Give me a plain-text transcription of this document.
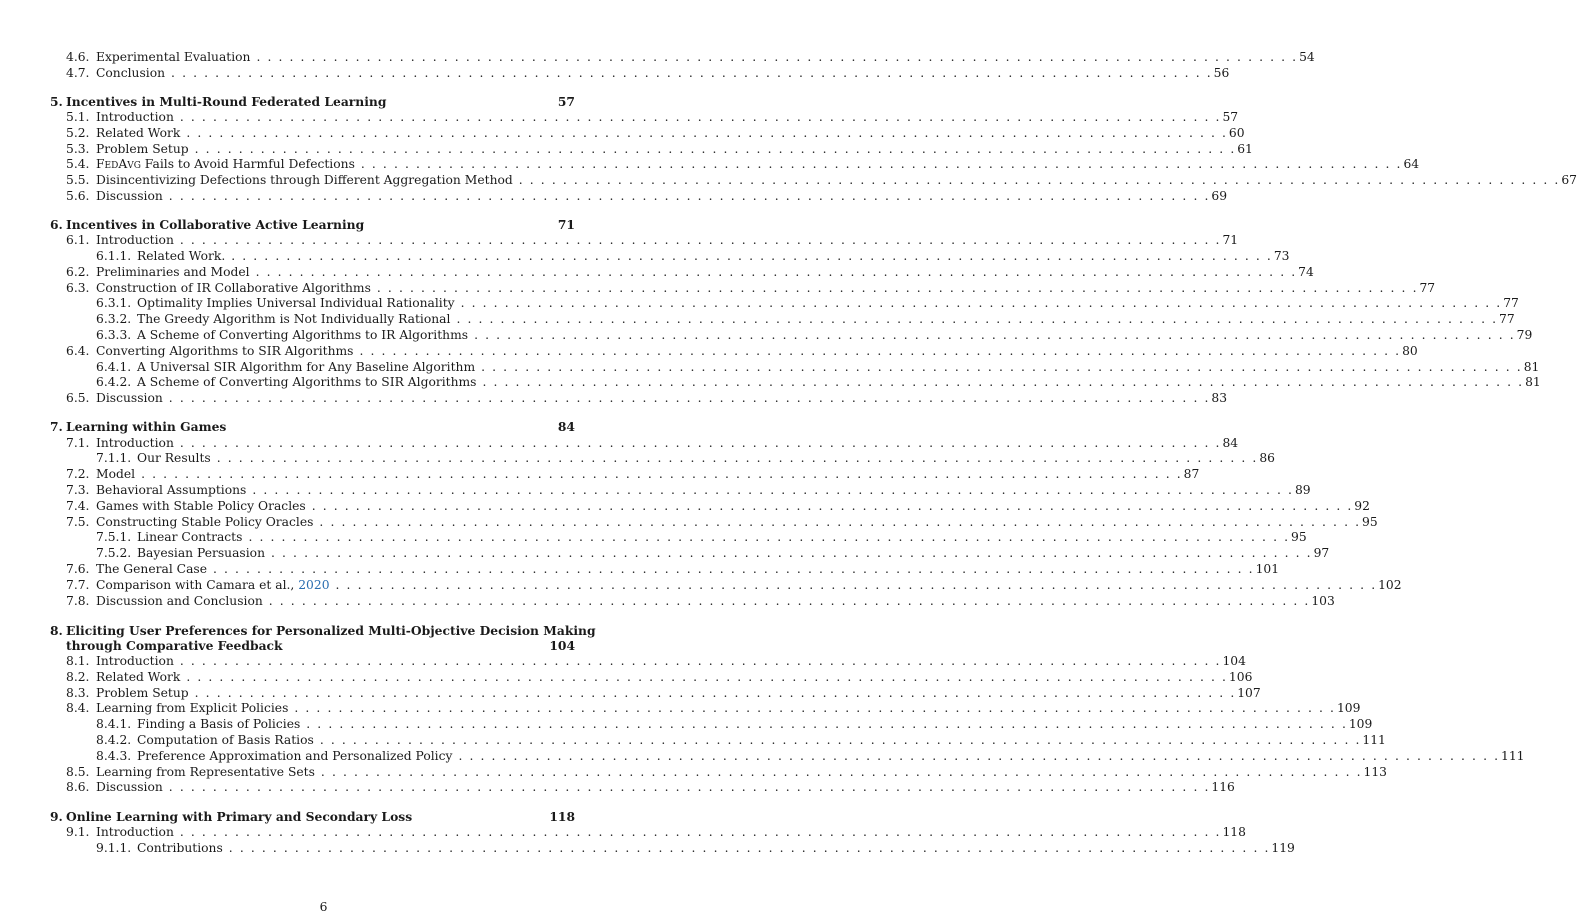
4.6. Experimental Evaluation . . .	54
4.7. Conclusion . . .	56
5. Incentives in Multi-Round Federated Learning	57
5.1. Introduction . . .	57
5.2. Related Work . . .	60
5.3. Problem Setup . . .	61
5.4. FedAvg Fails to Avoid Harmful Defections . . .	64
5.5. Disincentivizing Defections through Different Aggregation Method . . .	67
5.6. Discussion . . .	69
6. Incentives in Collaborative Active Learning	71
6.1. Introduction . . .	71
6.1.1. Related Work. . . .	73
6.2. Preliminaries and Model . . .	74
6.3. Construction of IR Collaborative Algorithms . . .	77
6.3.1. Optimality Implies Universal Individual Rationality . . .	77
6.3.2. The Greedy Algorithm is Not Individually Rational . . .	77
6.3.3. A Scheme of Converting Algorithms to IR Algorithms . . .	79
6.4. Converting Algorithms to SIR Algorithms . . .	80
6.4.1. A Universal SIR Algorithm for Any Baseline Algorithm . . .	81
6.4.2. A Scheme of Converting Algorithms to SIR Algorithms . . .	81
6.5. Discussion . . .	83
7. Learning within Games	84
7.1. Introduction . . .	84
7.1.1. Our Results . . .	86
7.2. Model . . .	87
7.3. Behavioral Assumptions . . .	89
7.4. Games with Stable Policy Oracles . . .	92
7.5. Constructing Stable Policy Oracles . . .	95
7.5.1. Linear Contracts . . .	95
7.5.2. Bayesian Persuasion . . .	97
7.6. The General Case . . .	101
7.7. Comparison with Camara et al., 2020 . . .	102
7.8. Discussion and Conclusion . . .	103
8. Eliciting User Preferences for Personalized Multi-Objective Decision Making
through Comparative Feedback	104
8.1. Introduction . . .	104
8.2. Related Work . . .	106
8.3. Problem Setup . . .	107
8.4. Learning from Explicit Policies . . .	109
8.4.1. Finding a Basis of Policies . . .	109
8.4.2. Computation of Basis Ratios . . .	111
8.4.3. Preference Approximation and Personalized Policy . . .	111
8.5. Learning from Representative Sets . . .	113
8.6. Discussion . . .	116
9. Online Learning with Primary and Secondary Loss	118
9.1. Introduction . . .	118
9.1.1. Contributions . . .	119
6
